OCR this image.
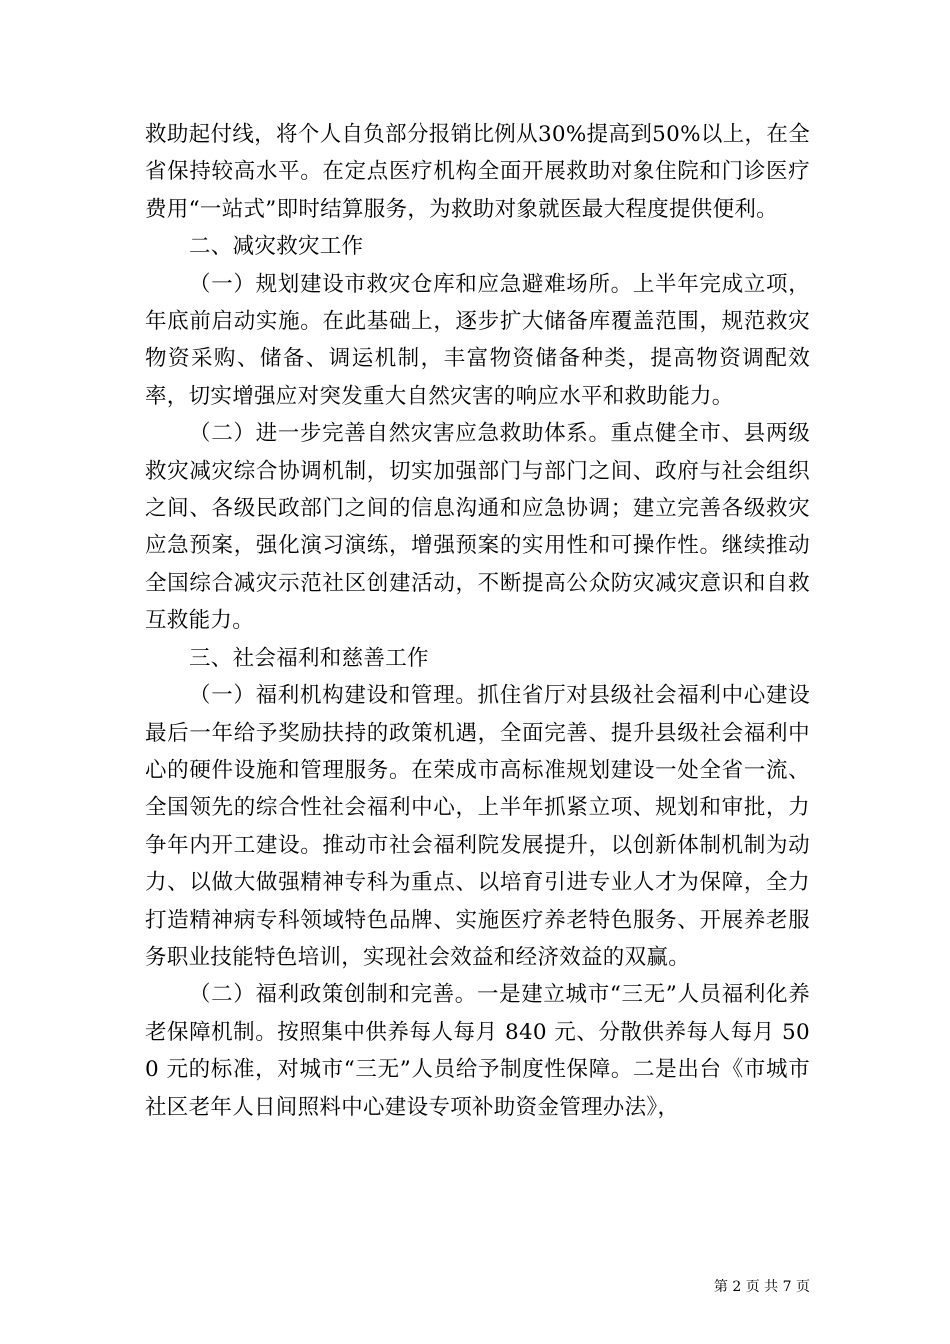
救助起付线，将个人自负部分报销比例从30%提高到50%以上，在全省保持较高水平。在定点医疗机构全面开展救助对象住院和门诊医疗费用“一站式”即时结算服务，为救助对象就医最大程度提供便利。

二、减灾救灾工作

（一）规划建设市救灾仓库和应急避难场所。上半年完成立项，年底前启动实施。在此基础上，逐步扩大储备库覆盖范围，规范救灾物资采购、储备、调运机制，丰富物资储备种类，提高物资调配效率，切实增强应对突发重大自然灾害的响应水平和救助能力。

（二）进一步完善自然灾害应急救助体系。重点健全市、县两级救灾减灾综合协调机制，切实加强部门与部门之间、政府与社会组织之间、各级民政部门之间的信息沟通和应急协调；建立完善各级救灾应急预案，强化演习演练，增强预案的实用性和可操作性。继续推动全国综合减灾示范社区创建活动，不断提高公众防灾减灾意识和自救互救能力。

三、社会福利和慈善工作

（一）福利机构建设和管理。抓住省厅对县级社会福利中心建设最后一年给予奖励扶持的政策机遇，全面完善、提升县级社会福利中心的硬件设施和管理服务。在荣成市高标准规划建设一处全省一流、全国领先的综合性社会福利中心，上半年抓紧立项、规划和审批，力争年内开工建设。推动市社会福利院发展提升，以创新体制机制为动力、以做大做强精神专科为重点、以培育引进专业人才为保障，全力打造精神病专科领域特色品牌、实施医疗养老特色服务、开展养老服务职业技能特色培训，实现社会效益和经济效益的双赢。

（二）福利政策创制和完善。一是建立城市“三无”人员福利化养老保障机制。按照集中供养每人每月 840 元、分散供养每人每月 500 元的标准，对城市“三无”人员给予制度性保障。二是出台《市城市社区老年人日间照料中心建设专项补助资金管理办法》，

第 2 页 共 7 页
